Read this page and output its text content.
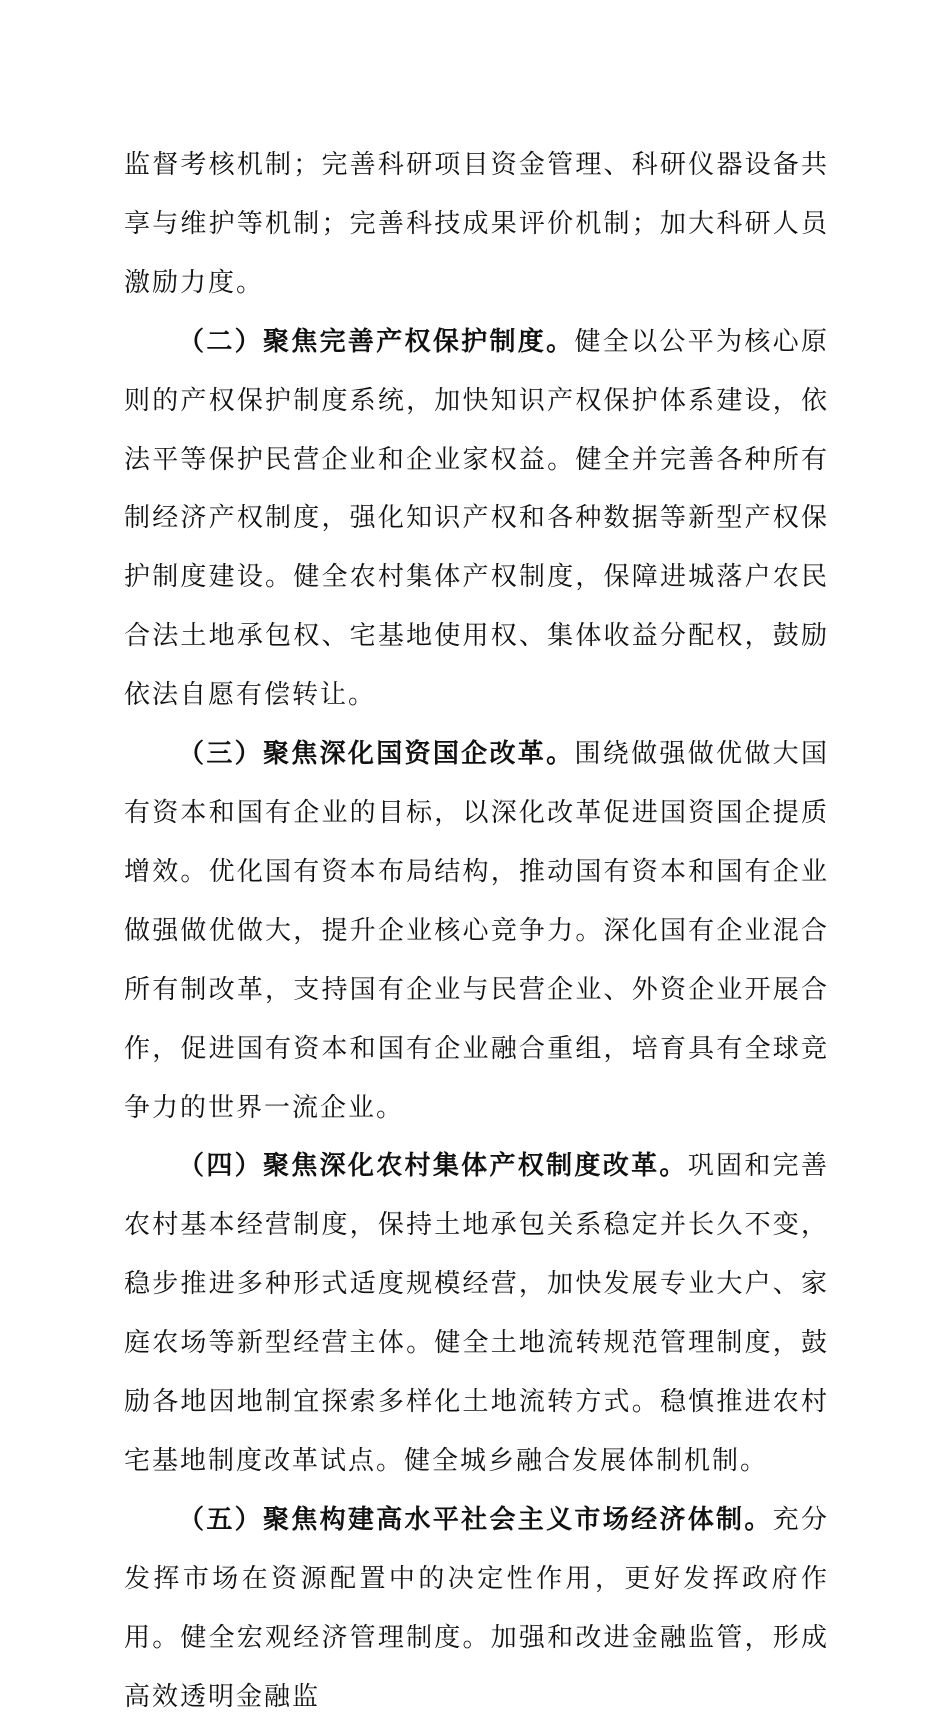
监督考核机制；完善科研项目资金管理、科研仪器设备共享与维护等机制；完善科技成果评价机制；加大科研人员激励力度。

（二）聚焦完善产权保护制度。健全以公平为核心原则的产权保护制度系统，加快知识产权保护体系建设，依法平等保护民营企业和企业家权益。健全并完善各种所有制经济产权制度，强化知识产权和各种数据等新型产权保护制度建设。健全农村集体产权制度，保障进城落户农民合法土地承包权、宅基地使用权、集体收益分配权，鼓励依法自愿有偿转让。

（三）聚焦深化国资国企改革。围绕做强做优做大国有资本和国有企业的目标，以深化改革促进国资国企提质增效。优化国有资本布局结构，推动国有资本和国有企业做强做优做大，提升企业核心竞争力。深化国有企业混合所有制改革，支持国有企业与民营企业、外资企业开展合作，促进国有资本和国有企业融合重组，培育具有全球竞争力的世界一流企业。

（四）聚焦深化农村集体产权制度改革。巩固和完善农村基本经营制度，保持土地承包关系稳定并长久不变，稳步推进多种形式适度规模经营，加快发展专业大户、家庭农场等新型经营主体。健全土地流转规范管理制度，鼓励各地因地制宜探索多样化土地流转方式。稳慎推进农村宅基地制度改革试点。健全城乡融合发展体制机制。

（五）聚焦构建高水平社会主义市场经济体制。充分发挥市场在资源配置中的决定性作用，更好发挥政府作用。健全宏观经济管理制度。加强和改进金融监管，形成高效透明金融监
